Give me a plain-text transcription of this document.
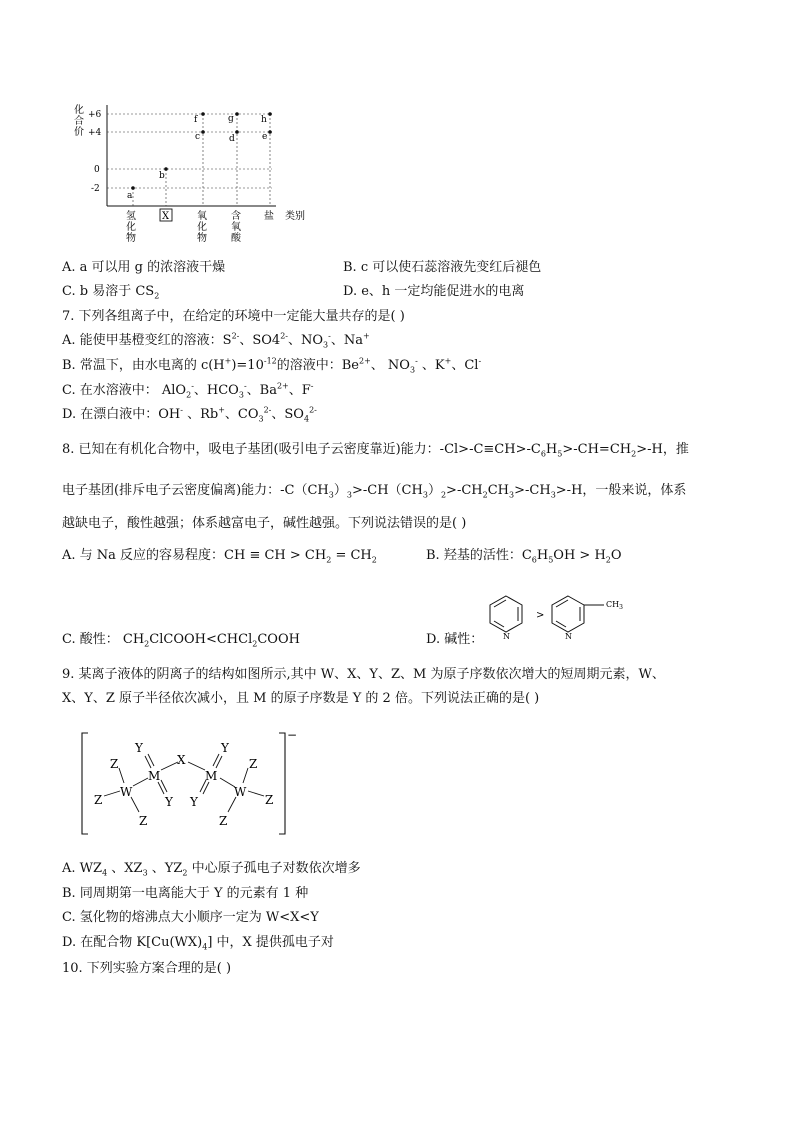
化
合
价
+6
+4
0
-2
a
b
c	d	e
f	g	h
氢
化
物
X	氧
化
物
含
氧
酸
盐 类别
A. a 可以用 g 的浓溶液干燥	B. c 可以使石蕊溶液先变红后褪色
C. b 易溶于 $CS_2$	D. e、h 一定均能促进水的电离
7. 下列各组离子中，在给定的环境中一定能大量共存的是( )
A. 能使甲基橙变红的溶液：$S^{2-}$、$SO4^{2-}$、$NO_3^-$、Na+
B. 常温下，由水电离的 $c(H^+)=10^{-12}$的溶液中：$Be^{2+}$、 $NO_3^-$ 、K+、Cl-
C. 在水溶液中： AlO$_2$-、$HCO_3^-$、$Ba^{2+}$、F-
D. 在漂白液中：OH- 、Rb+、$CO_3^{2-}$、$SO_4^{2-}$
8. 已知在有机化合物中，吸电子基团(吸引电子云密度靠近)能力：$-Cl>-C\equiv CH>-C_6H_5>-CH=CH_2>-H$，推
电子基团(排斥电子云密度偏离)能力：$-C(CH_3)_3>-CH(CH_3)_2>-CH_2CH_3>-CH_3>-H$，一般来说，体系
越缺电子，酸性越强；体系越富电子，碱性越强。下列说法错误的是( )
A. 与 Na 反应的容易程度：CH ≡ CH > $CH_2 = CH_2$	B. 羟基的活性：$C_6H_5OH > H_2O$
C. 酸性： $CH_2ClCOOH<CHCl_2COOH$	D. 碱性： N
>
N
$CH_3$
9. 某离子液体的阴离子的结构如图所示,其中 W、X、Y、Z、M 为原子序数依次增大的短周期元素，W、
X、Y、Z 原子半径依次减小，且 M 的原子序数是 Y 的 2 倍。下列说法正确的是( )
−
Z
W
Z
Z
Y
M
Y
X
M
Y
Y
W
Z
Z
Z
A. $WZ_4$ 、$XZ_3$ 、$YZ_2$ 中心原子孤电子对数依次增多
B. 同周期第一电离能大于 Y 的元素有 1 种
C. 氢化物的熔沸点大小顺序一定为 W<X<Y
D. 在配合物 $K[Cu(WX)_4]$ 中，X 提供孤电子对
10. 下列实验方案合理的是( )
